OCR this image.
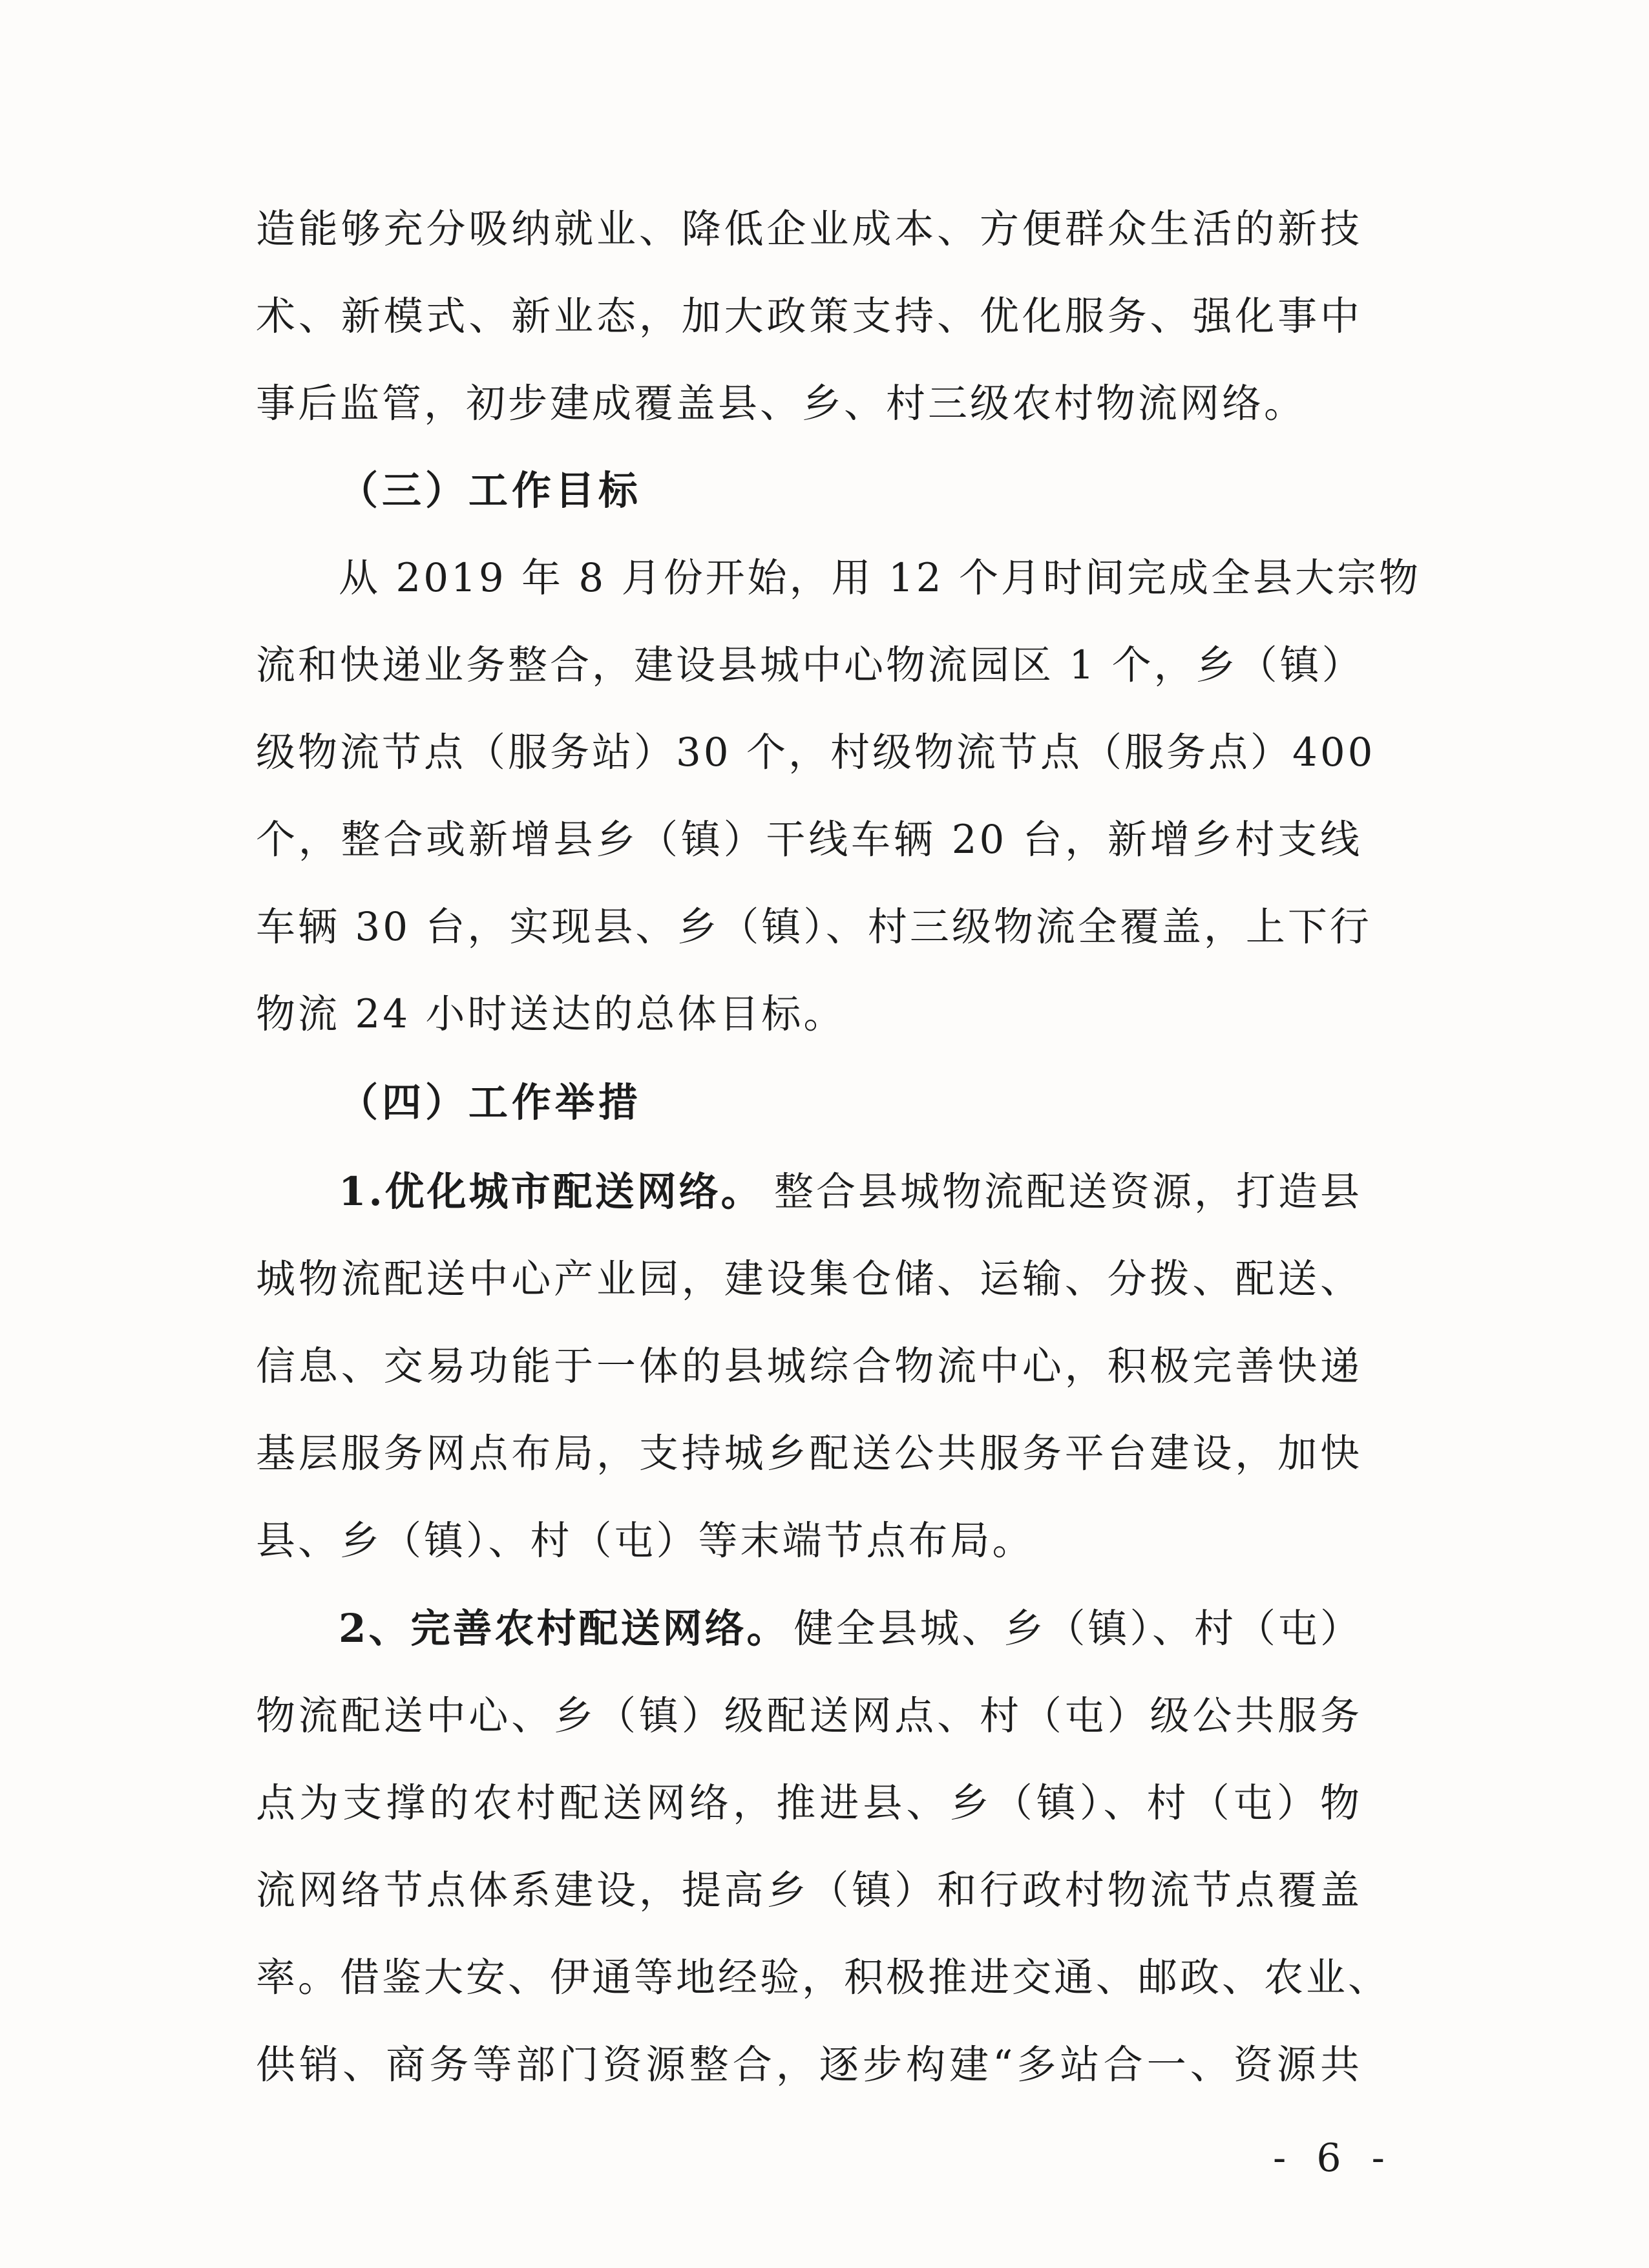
造能够充分吸纳就业、降低企业成本、方便群众生活的新技
术、新模式、新业态，加大政策支持、优化服务、强化事中
事后监管，初步建成覆盖县、乡、村三级农村物流网络。
（三）工作目标
从 2019 年 8 月份开始，用 12 个月时间完成全县大宗物
流和快递业务整合，建设县城中心物流园区 1 个，乡（镇）
级物流节点（服务站）30 个，村级物流节点（服务点）400
个，整合或新增县乡（镇）干线车辆 20 台，新增乡村支线
车辆 30 台，实现县、乡（镇）、村三级物流全覆盖，上下行
物流 24 小时送达的总体目标。
（四）工作举措
1.优化城市配送网络。 整合县城物流配送资源，打造县
城物流配送中心产业园，建设集仓储、运输、分拨、配送、
信息、交易功能于一体的县城综合物流中心，积极完善快递
基层服务网点布局，支持城乡配送公共服务平台建设，加快
县、乡（镇）、村（屯）等末端节点布局。
2、完善农村配送网络。 健全县城、乡（镇）、村（屯）
物流配送中心、乡（镇）级配送网点、村（屯）级公共服务
点为支撑的农村配送网络，推进县、乡（镇）、村（屯）物
流网络节点体系建设，提高乡（镇）和行政村物流节点覆盖
率。借鉴大安、伊通等地经验，积极推进交通、邮政、农业、
供销、商务等部门资源整合，逐步构建“多站合一、资源共
- 6 -
